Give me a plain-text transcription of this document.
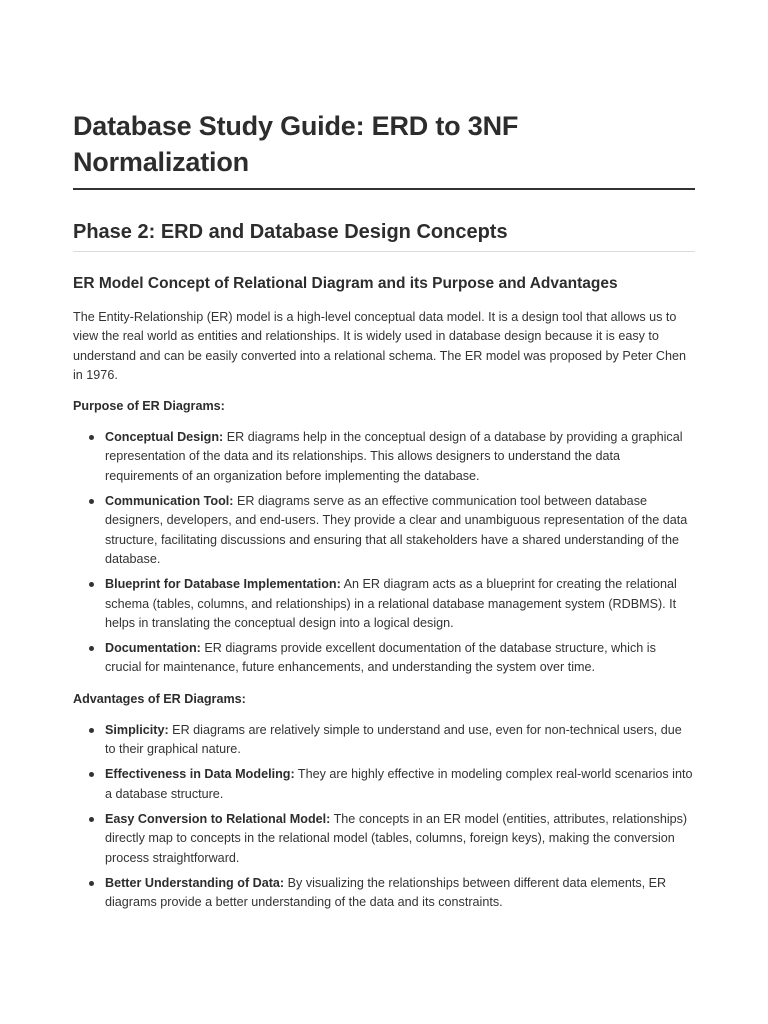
Database Study Guide: ERD to 3NF Normalization
Phase 2: ERD and Database Design Concepts
ER Model Concept of Relational Diagram and its Purpose and Advantages

The Entity-Relationship (ER) model is a high-level conceptual data model. It is a design tool that allows us to view the real world as entities and relationships. It is widely used in database design because it is easy to understand and can be easily converted into a relational schema. The ER model was proposed by Peter Chen in 1976.

Purpose of ER Diagrams:

Conceptual Design: ER diagrams help in the conceptual design of a database by providing a graphical representation of the data and its relationships. This allows designers to understand the data requirements of an organization before implementing the database.
Communication Tool: ER diagrams serve as an effective communication tool between database designers, developers, and end-users. They provide a clear and unambiguous representation of the data structure, facilitating discussions and ensuring that all stakeholders have a shared understanding of the database.
Blueprint for Database Implementation: An ER diagram acts as a blueprint for creating the relational schema (tables, columns, and relationships) in a relational database management system (RDBMS). It helps in translating the conceptual design into a logical design.
Documentation: ER diagrams provide excellent documentation of the database structure, which is crucial for maintenance, future enhancements, and understanding the system over time.

Advantages of ER Diagrams:

Simplicity: ER diagrams are relatively simple to understand and use, even for non-technical users, due to their graphical nature.
Effectiveness in Data Modeling: They are highly effective in modeling complex real-world scenarios into a database structure.
Easy Conversion to Relational Model: The concepts in an ER model (entities, attributes, relationships) directly map to concepts in the relational model (tables, columns, foreign keys), making the conversion process straightforward.
Better Understanding of Data: By visualizing the relationships between different data elements, ER diagrams provide a better understanding of the data and its constraints.
